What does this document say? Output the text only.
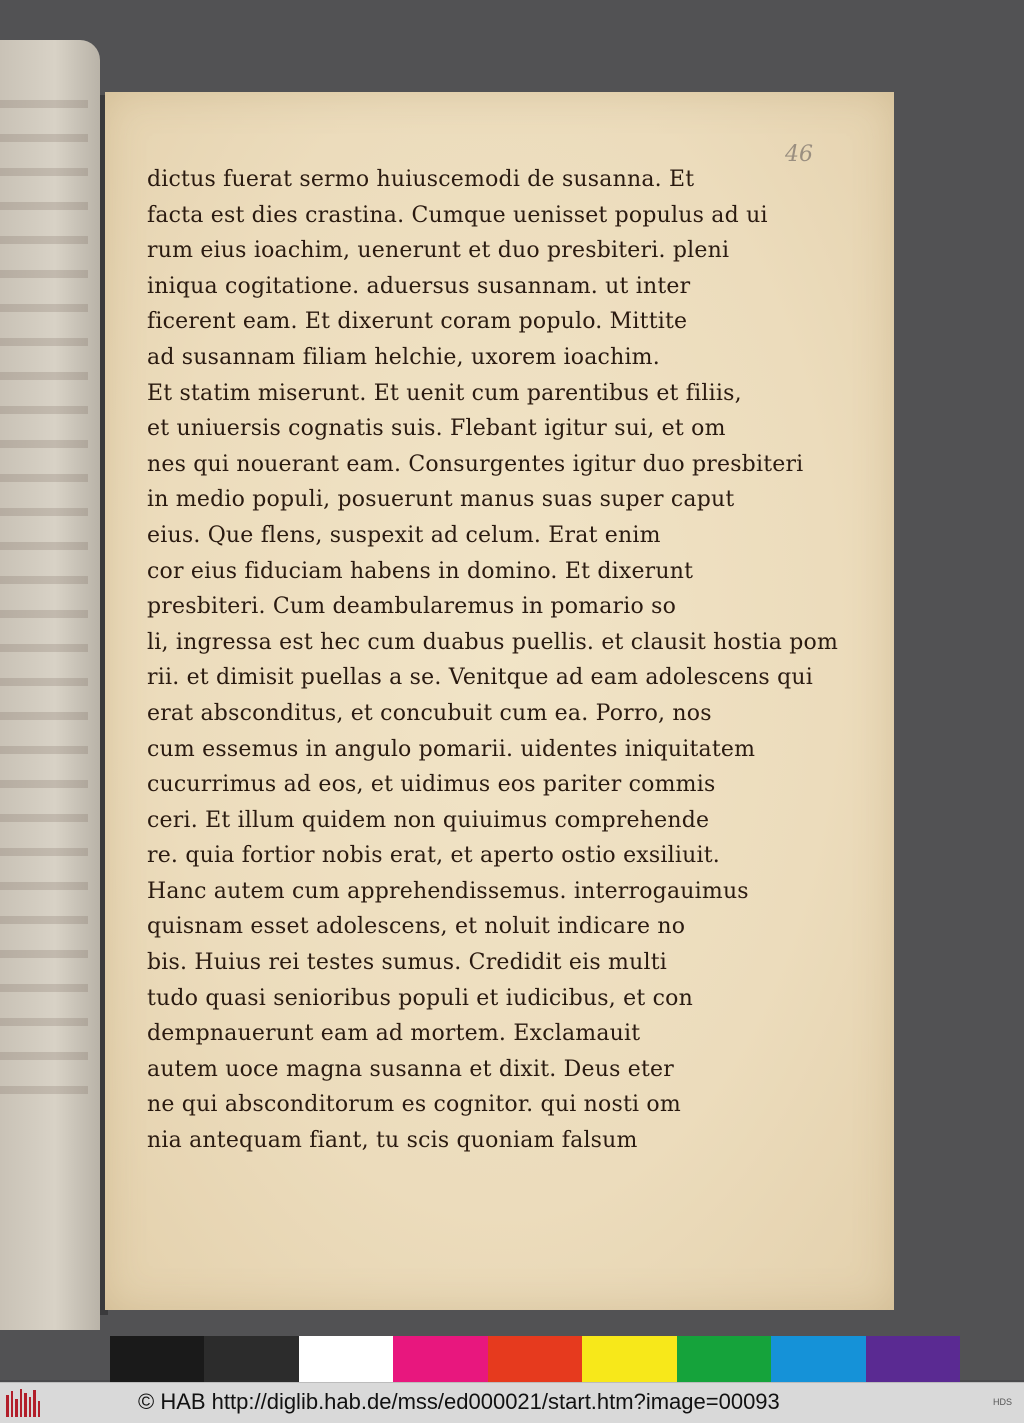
46
dictus fuerat sermo huiuscemodi de susanna. Et
facta est dies crastina. Cumque uenisset populus ad ui
rum eius ioachim, uenerunt et duo presbiteri. pleni
iniqua cogitatione. aduersus susannam. ut inter
ficerent eam. Et dixerunt coram populo. Mittite
ad susannam filiam helchie, uxorem ioachim.
Et statim miserunt. Et uenit cum parentibus et filiis,
et uniuersis cognatis suis. Flebant igitur sui, et om
nes qui nouerant eam. Consurgentes igitur duo presbiteri
in medio populi, posuerunt manus suas super caput
eius. Que flens, suspexit ad celum. Erat enim
cor eius fiduciam habens in domino. Et dixerunt
presbiteri. Cum deambularemus in pomario so
li, ingressa est hec cum duabus puellis. et clausit hostia pom
rii. et dimisit puellas a se. Venitque ad eam adolescens qui
erat absconditus, et concubuit cum ea. Porro, nos
cum essemus in angulo pomarii. uidentes iniquitatem
cucurrimus ad eos, et uidimus eos pariter commis
ceri. Et illum quidem non quiuimus comprehende
re. quia fortior nobis erat, et aperto ostio exsiliuit.
Hanc autem cum apprehendissemus. interrogauimus
quisnam esset adolescens, et noluit indicare no
bis. Huius rei testes sumus. Credidit eis multi
tudo quasi senioribus populi et iudicibus, et con
dempnauerunt eam ad mortem. Exclamauit
autem uoce magna susanna et dixit. Deus eter
ne qui absconditorum es cognitor. qui nosti om
nia antequam fiant, tu scis quoniam falsum
© HAB http://diglib.hab.de/mss/ed000021/start.htm?image=00093	HDS
